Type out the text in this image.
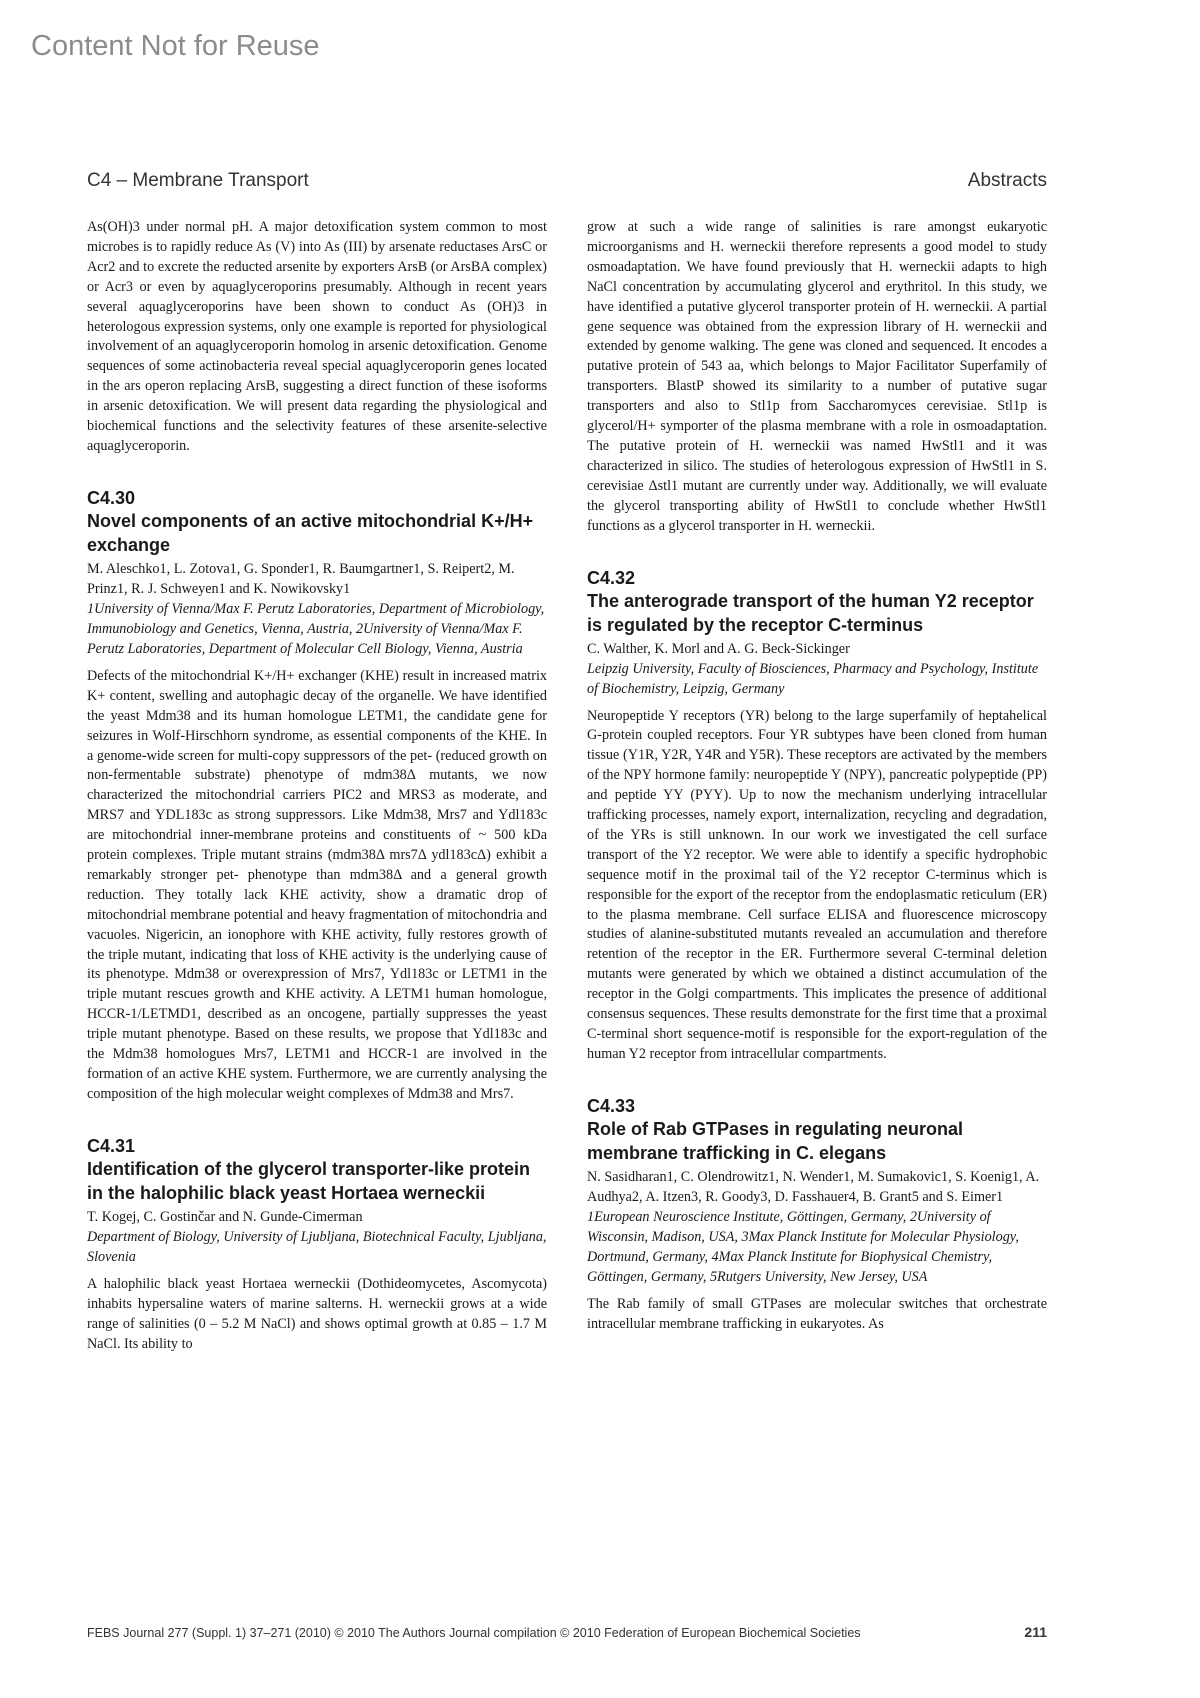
Content Not for Reuse
C4 – Membrane Transport	Abstracts

As(OH)3 under normal pH. A major detoxification system common to most microbes is to rapidly reduce As (V) into As (III) by arsenate reductases ArsC or Acr2 and to excrete the reducted arsenite by exporters ArsB (or ArsBA complex) or Acr3 or even by aquaglyceroporins presumably. Although in recent years several aquaglyceroporins have been shown to conduct As (OH)3 in heterologous expression systems, only one example is reported for physiological involvement of an aquaglyceroporin homolog in arsenic detoxification. Genome sequences of some actinobacteria reveal special aquaglyceroporin genes located in the ars operon replacing ArsB, suggesting a direct function of these isoforms in arsenic detoxification. We will present data regarding the physiological and biochemical functions and the selectivity features of these arsenite-selective aquaglyceroporin.

C4.30
Novel components of an active mitochondrial K+/H+ exchange

M. Aleschko1, L. Zotova1, G. Sponder1, R. Baumgartner1, S. Reipert2, M. Prinz1, R. J. Schweyen1 and K. Nowikovsky1

1University of Vienna/Max F. Perutz Laboratories, Department of Microbiology, Immunobiology and Genetics, Vienna, Austria, 2University of Vienna/Max F. Perutz Laboratories, Department of Molecular Cell Biology, Vienna, Austria

Defects of the mitochondrial K+/H+ exchanger (KHE) result in increased matrix K+ content, swelling and autophagic decay of the organelle. We have identified the yeast Mdm38 and its human homologue LETM1, the candidate gene for seizures in Wolf-Hirschhorn syndrome, as essential components of the KHE. In a genome-wide screen for multi-copy suppressors of the pet- (reduced growth on non-fermentable substrate) phenotype of mdm38Δ mutants, we now characterized the mitochondrial carriers PIC2 and MRS3 as moderate, and MRS7 and YDL183c as strong suppressors. Like Mdm38, Mrs7 and Ydl183c are mitochondrial inner-membrane proteins and constituents of ~ 500 kDa protein complexes. Triple mutant strains (mdm38Δ mrs7Δ ydl183cΔ) exhibit a remarkably stronger pet- phenotype than mdm38Δ and a general growth reduction. They totally lack KHE activity, show a dramatic drop of mitochondrial membrane potential and heavy fragmentation of mitochondria and vacuoles. Nigericin, an ionophore with KHE activity, fully restores growth of the triple mutant, indicating that loss of KHE activity is the underlying cause of its phenotype. Mdm38 or overexpression of Mrs7, Ydl183c or LETM1 in the triple mutant rescues growth and KHE activity. A LETM1 human homologue, HCCR-1/LETMD1, described as an oncogene, partially suppresses the yeast triple mutant phenotype. Based on these results, we propose that Ydl183c and the Mdm38 homologues Mrs7, LETM1 and HCCR-1 are involved in the formation of an active KHE system. Furthermore, we are currently analysing the composition of the high molecular weight complexes of Mdm38 and Mrs7.

C4.31
Identification of the glycerol transporter-like protein in the halophilic black yeast Hortaea werneckii

T. Kogej, C. Gostinčar and N. Gunde-Cimerman

Department of Biology, University of Ljubljana, Biotechnical Faculty, Ljubljana, Slovenia

A halophilic black yeast Hortaea werneckii (Dothideomycetes, Ascomycota) inhabits hypersaline waters of marine salterns. H. werneckii grows at a wide range of salinities (0 – 5.2 M NaCl) and shows optimal growth at 0.85 – 1.7 M NaCl. Its ability to

grow at such a wide range of salinities is rare amongst eukaryotic microorganisms and H. werneckii therefore represents a good model to study osmoadaptation. We have found previously that H. werneckii adapts to high NaCl concentration by accumulating glycerol and erythritol. In this study, we have identified a putative glycerol transporter protein of H. werneckii. A partial gene sequence was obtained from the expression library of H. werneckii and extended by genome walking. The gene was cloned and sequenced. It encodes a putative protein of 543 aa, which belongs to Major Facilitator Superfamily of transporters. BlastP showed its similarity to a number of putative sugar transporters and also to Stl1p from Saccharomyces cerevisiae. Stl1p is glycerol/H+ symporter of the plasma membrane with a role in osmoadaptation. The putative protein of H. werneckii was named HwStl1 and it was characterized in silico. The studies of heterologous expression of HwStl1 in S. cerevisiae Δstl1 mutant are currently under way. Additionally, we will evaluate the glycerol transporting ability of HwStl1 to conclude whether HwStl1 functions as a glycerol transporter in H. werneckii.

C4.32
The anterograde transport of the human Y2 receptor is regulated by the receptor C-terminus

C. Walther, K. Morl and A. G. Beck-Sickinger

Leipzig University, Faculty of Biosciences, Pharmacy and Psychology, Institute of Biochemistry, Leipzig, Germany

Neuropeptide Y receptors (YR) belong to the large superfamily of heptahelical G-protein coupled receptors. Four YR subtypes have been cloned from human tissue (Y1R, Y2R, Y4R and Y5R). These receptors are activated by the members of the NPY hormone family: neuropeptide Y (NPY), pancreatic polypeptide (PP) and peptide YY (PYY). Up to now the mechanism underlying intracellular trafficking processes, namely export, internalization, recycling and degradation, of the YRs is still unknown. In our work we investigated the cell surface transport of the Y2 receptor. We were able to identify a specific hydrophobic sequence motif in the proximal tail of the Y2 receptor C-terminus which is responsible for the export of the receptor from the endoplasmatic reticulum (ER) to the plasma membrane. Cell surface ELISA and fluorescence microscopy studies of alanine-substituted mutants revealed an accumulation and therefore retention of the receptor in the ER. Furthermore several C-terminal deletion mutants were generated by which we obtained a distinct accumulation of the receptor in the Golgi compartments. This implicates the presence of additional consensus sequences. These results demonstrate for the first time that a proximal C-terminal short sequence-motif is responsible for the export-regulation of the human Y2 receptor from intracellular compartments.

C4.33
Role of Rab GTPases in regulating neuronal membrane trafficking in C. elegans

N. Sasidharan1, C. Olendrowitz1, N. Wender1, M. Sumakovic1, S. Koenig1, A. Audhya2, A. Itzen3, R. Goody3, D. Fasshauer4, B. Grant5 and S. Eimer1

1European Neuroscience Institute, Göttingen, Germany, 2University of Wisconsin, Madison, USA, 3Max Planck Institute for Molecular Physiology, Dortmund, Germany, 4Max Planck Institute for Biophysical Chemistry, Göttingen, Germany, 5Rutgers University, New Jersey, USA

The Rab family of small GTPases are molecular switches that orchestrate intracellular membrane trafficking in eukaryotes. As

FEBS Journal 277 (Suppl. 1) 37–271 (2010) © 2010 The Authors Journal compilation © 2010 Federation of European Biochemical Societies	211
